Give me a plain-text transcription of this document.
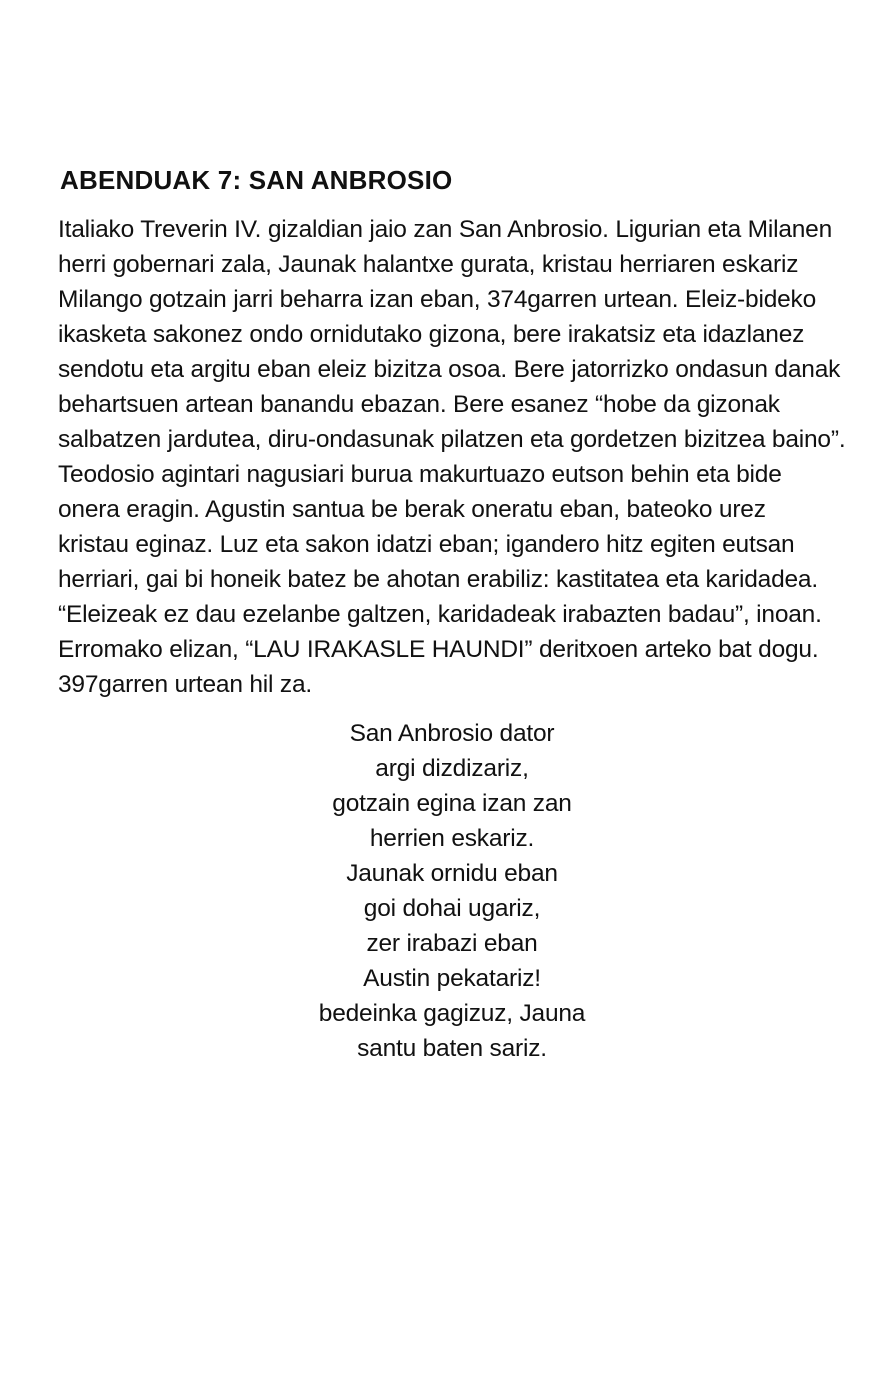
ABENDUAK 7: SAN ANBROSIO
Italiako Treverin IV. gizaldian jaio zan San Anbrosio. Ligurian eta Milanen
herri gobernari zala, Jaunak halantxe gurata, kristau herriaren eskariz
Milango gotzain jarri beharra izan eban, 374garren urtean. Eleiz-bideko
ikasketa sakonez ondo ornidutako gizona, bere irakatsiz eta idazlanez
sendotu eta argitu eban eleiz bizitza osoa. Bere jatorrizko ondasun danak
behartsuen artean banandu ebazan. Bere esanez “hobe da gizonak
salbatzen jardutea, diru-ondasunak pilatzen eta gordetzen bizitzea baino”.
Teodosio agintari nagusiari burua makurtuazo eutson behin eta bide
onera eragin. Agustin santua be berak oneratu eban, bateoko urez
kristau eginaz. Luz eta sakon idatzi eban; igandero hitz egiten eutsan
herriari, gai bi honeik batez be ahotan erabiliz: kastitatea eta karidadea.
“Eleizeak ez dau ezelanbe galtzen, karidadeak irabazten badau”, inoan.
Erromako elizan, “LAU IRAKASLE HAUNDI” deritxoen arteko bat dogu.
397garren urtean hil za.
San Anbrosio dator
argi dizdizariz,
gotzain egina izan zan
herrien eskariz.
Jaunak ornidu eban
goi dohai ugariz,
zer irabazi eban
Austin pekatariz!
bedeinka gagizuz, Jauna
santu baten sariz.
